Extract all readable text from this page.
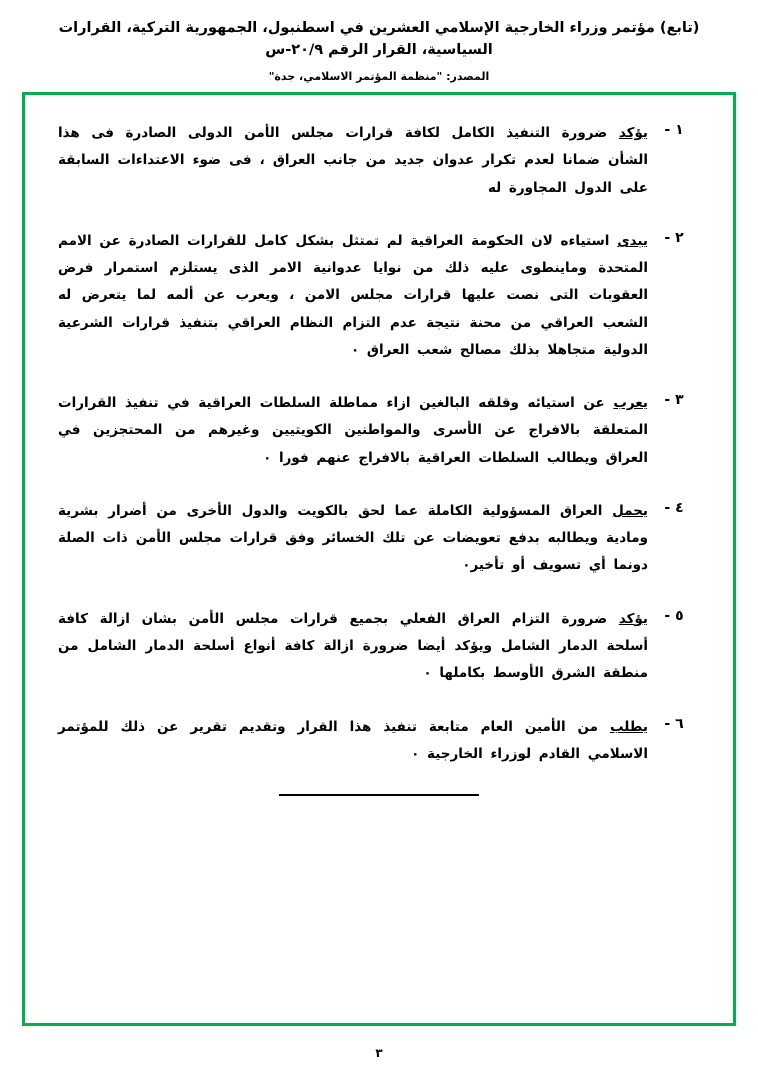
(تابع) مؤتمر وزراء الخارجية الإسلامي العشرين في اسطنبول، الجمهورية التركية، القرارات السياسية، القرار الرقم ٢٠/٩-س
المصدر: "منظمة المؤتمر الاسلامي، جدة"
١ -
يؤكد ضرورة التنفيذ الكامل لكافة قرارات مجلس الأمن الدولى الصادرة فى هذا الشأن ضمانا لعدم تكرار عدوان جديد من جانب العراق ، فى ضوء الاعتداءات السابقة على الدول المجاورة له
٢ -
يبدى استياءه لان الحكومة العراقية لم تمتثل بشكل كامل للقرارات الصادرة عن الامم المتحدة وماينطوى عليه ذلك من نوايا عدوانية الامر الذى يستلزم استمرار فرض العقوبات التى نصت عليها قرارات مجلس الامن ، ويعرب عن ألمه لما يتعرض له الشعب العراقي من محنة نتيجة عدم التزام النظام العراقي بتنفيذ قرارات الشرعية الدولية متجاهلا بذلك مصالح شعب العراق ٠
٣ -
يعرب عن استيائه وقلقه البالغين ازاء مماطلة السلطات العراقية في تنفيذ القرارات المتعلقة بالافراج عن الأسرى والمواطنين الكويتيين وغيرهم من المحتجزين في العراق ويطالب السلطات العراقية بالافراج عنهم فورا ٠
٤ -
يحمل العراق المسؤولية الكاملة عما لحق بالكويت والدول الأخرى من أضرار بشرية ومادية ويطالبه بدفع تعويضات عن تلك الخسائر وفق قرارات مجلس الأمن ذات الصلة دونما أي تسويف أو تأخير٠
٥ -
يؤكد ضرورة التزام العراق الفعلي بجميع قرارات مجلس الأمن بشان ازالة كافة أسلحة الدمار الشامل ويؤكد أيضا ضرورة ازالة كافة أنواع أسلحة الدمار الشامل من منطقة الشرق الأوسط بكاملها ٠
٦ -
يطلب من الأمين العام متابعة تنفيذ هذا القرار وتقديم تقرير عن ذلك للمؤتمر الاسلامي القادم لوزراء الخارجية ٠
٣
